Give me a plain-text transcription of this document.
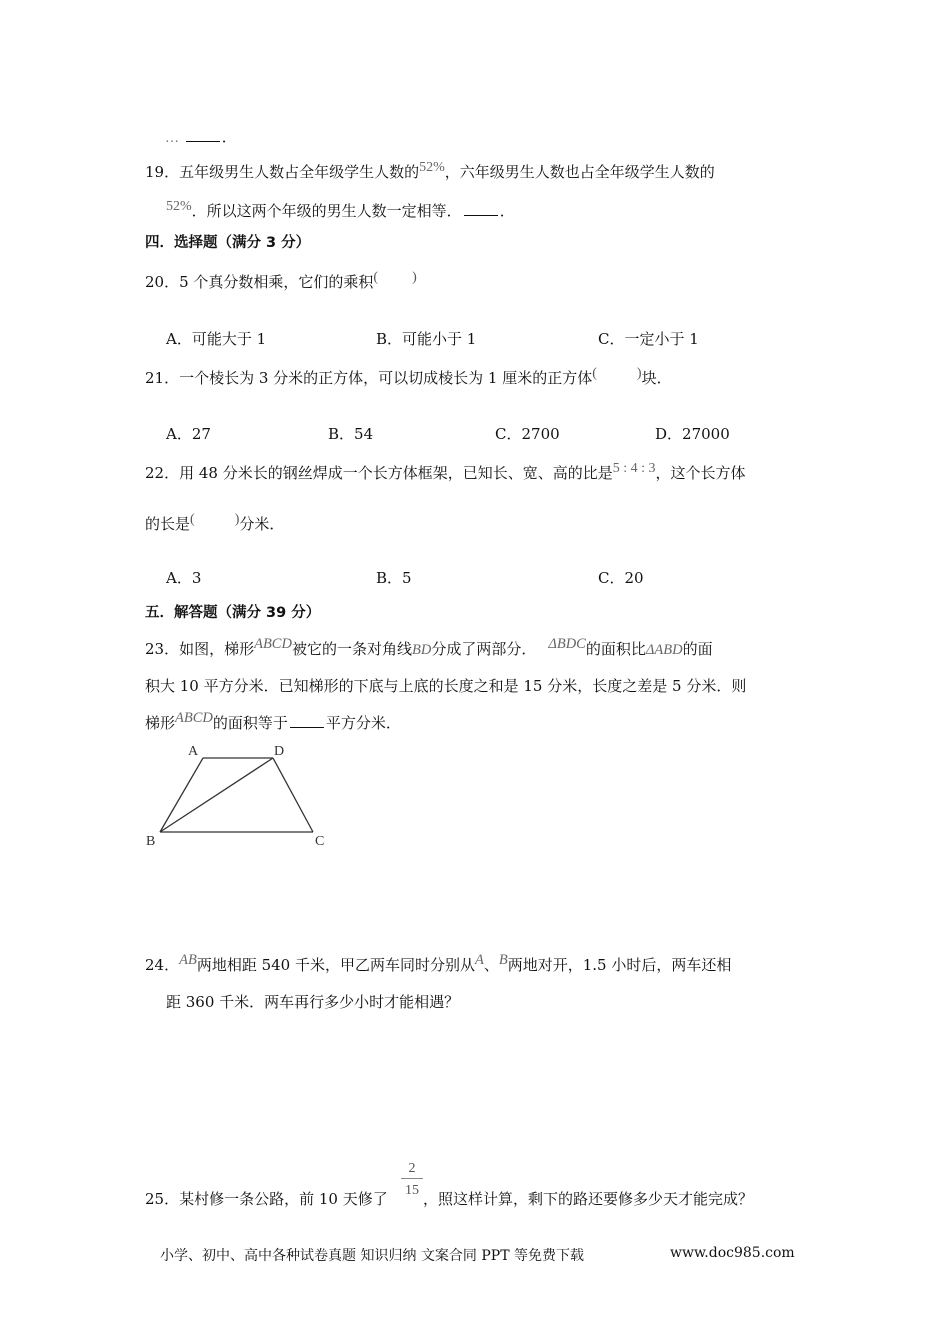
…	．
19．五年级男生人数占全年级学生人数的52%，六年级男生人数也占全年级学生人数的
52%．所以这两个年级的男生人数一定相等．	．
四．选择题（满分 3 分）
20．5 个真分数相乘，它们的乘积( )
A．可能大于 1	B．可能小于 1	C．一定小于 1
21．一个棱长为 3 分米的正方体，可以切成棱长为 1 厘米的正方体(	)块．
A．27	B．54	C．2700	D．27000
22．用 48 分米长的钢丝焊成一个长方体框架，已知长、宽、高的比是5 : 4 : 3，这个长方体
的长是(	)分米．
A．3	B．5	C．20
五．解答题（满分 39 分）
23．如图，梯形ABCD被它的一条对角线BD分成了两部分． ΔBDC的面积比ΔABD的面
积大 10 平方分米．已知梯形的下底与上底的长度之和是 15 分米，长度之差是 5 分米．则
梯形ABCD的面积等于	平方分米．
A	D
B	C
24．AB两地相距 540 千米，甲乙两车同时分别从A、B两地对开，1.5 小时后，两车还相
距 360 千米．两车再行多少小时才能相遇？
2
15
25．某村修一条公路，前 10 天修了 ，照这样计算，剩下的路还要修多少天才能完成？
小学、初中、高中各种试卷真题 知识归纳 文案合同 PPT 等免费下载	www.doc985.com
